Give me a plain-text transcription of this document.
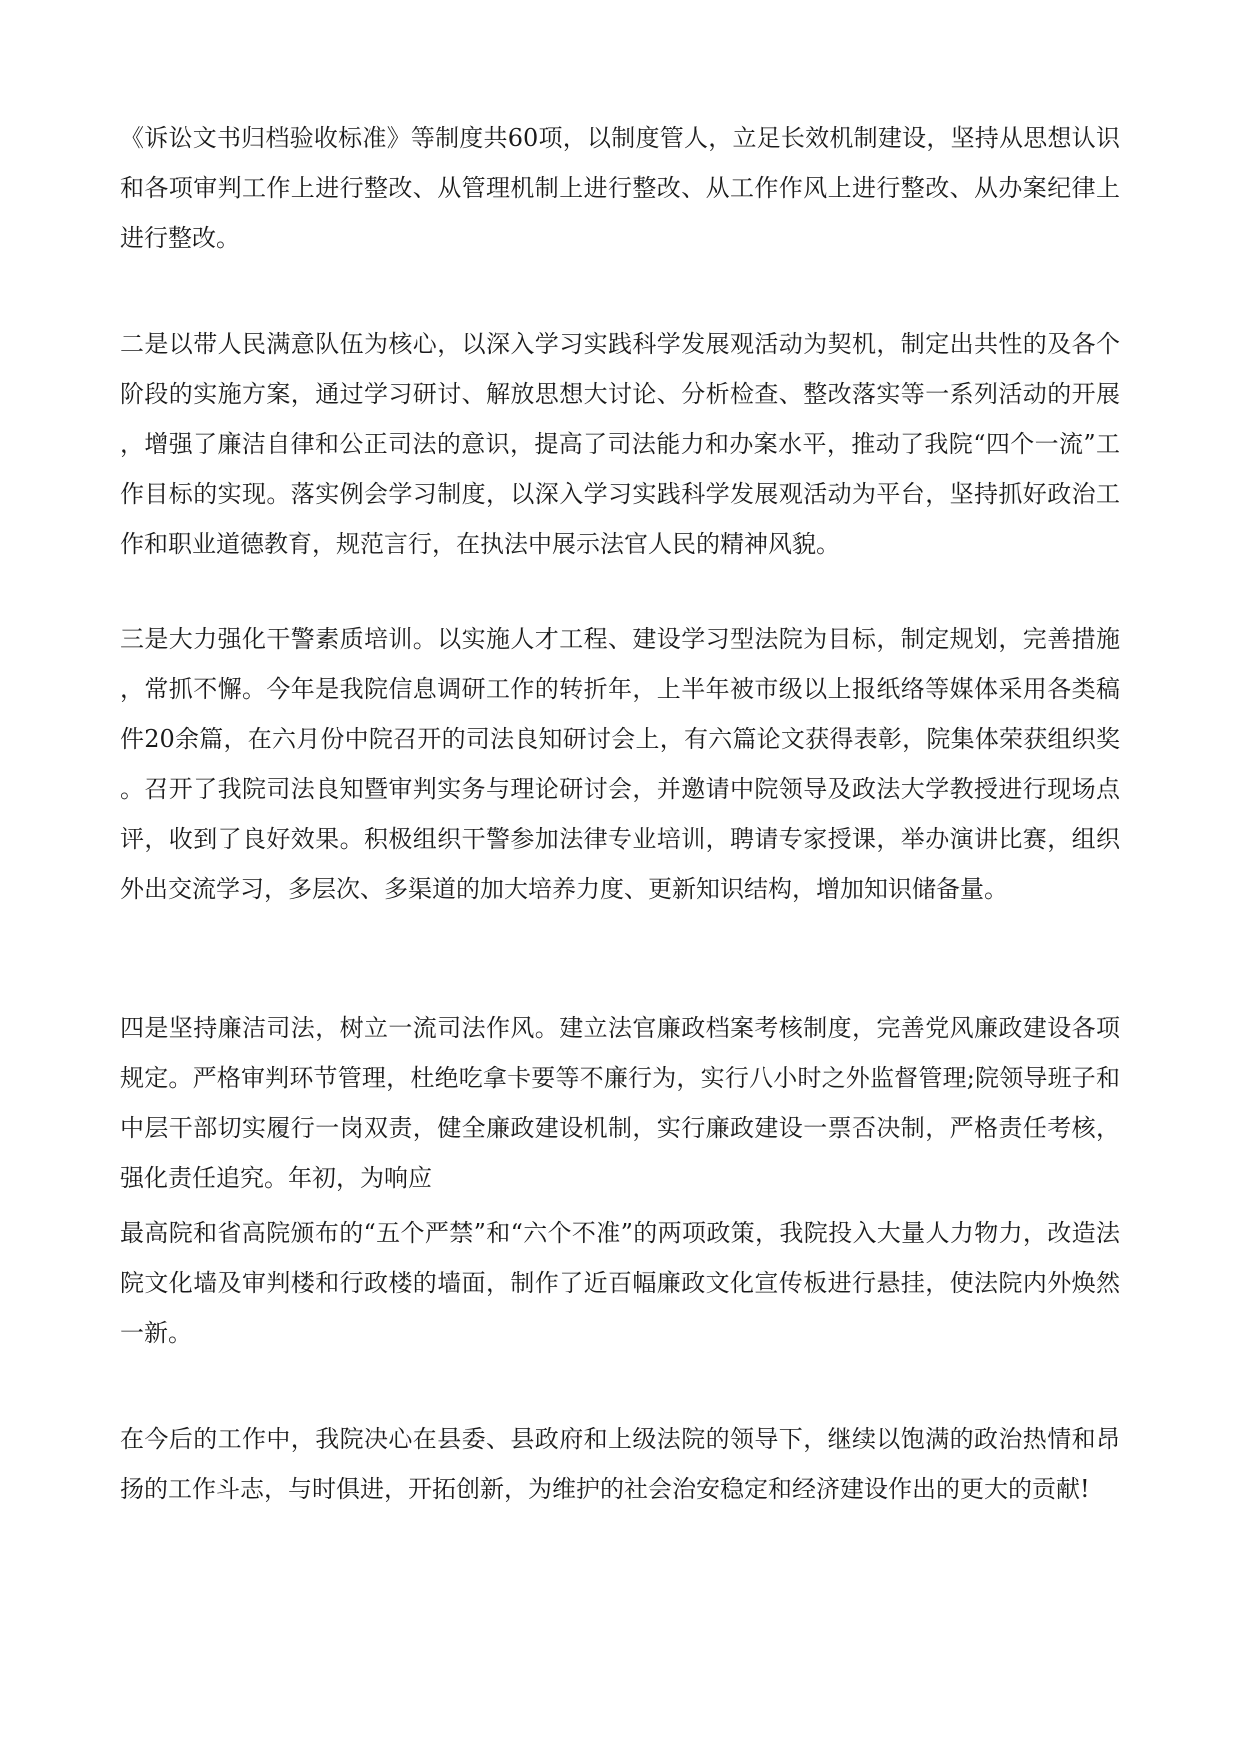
《诉讼文书归档验收标准》等制度共60项，以制度管人，立足长效机制建设，坚持从思想认识和各项审判工作上进行整改、从管理机制上进行整改、从工作作风上进行整改、从办案纪律上进行整改。

二是以带人民满意队伍为核心，以深入学习实践科学发展观活动为契机，制定出共性的及各个阶段的实施方案，通过学习研讨、解放思想大讨论、分析检查、整改落实等一系列活动的开展，增强了廉洁自律和公正司法的意识，提高了司法能力和办案水平，推动了我院“四个一流”工作目标的实现。落实例会学习制度，以深入学习实践科学发展观活动为平台，坚持抓好政治工作和职业道德教育，规范言行，在执法中展示法官人民的精神风貌。

三是大力强化干警素质培训。以实施人才工程、建设学习型法院为目标，制定规划，完善措施，常抓不懈。今年是我院信息调研工作的转折年，上半年被市级以上报纸络等媒体采用各类稿件20余篇，在六月份中院召开的司法良知研讨会上，有六篇论文获得表彰，院集体荣获组织奖。召开了我院司法良知暨审判实务与理论研讨会，并邀请中院领导及政法大学教授进行现场点评，收到了良好效果。积极组织干警参加法律专业培训，聘请专家授课，举办演讲比赛，组织外出交流学习，多层次、多渠道的加大培养力度、更新知识结构，增加知识储备量。

四是坚持廉洁司法，树立一流司法作风。建立法官廉政档案考核制度，完善党风廉政建设各项规定。严格审判环节管理，杜绝吃拿卡要等不廉行为，实行八小时之外监督管理;院领导班子和中层干部切实履行一岗双责，健全廉政建设机制，实行廉政建设一票否决制，严格责任考核，强化责任追究。年初，为响应

最高院和省高院颁布的“五个严禁”和“六个不准”的两项政策，我院投入大量人力物力，改造法院文化墙及审判楼和行政楼的墙面，制作了近百幅廉政文化宣传板进行悬挂，使法院内外焕然一新。

在今后的工作中，我院决心在县委、县政府和上级法院的领导下，继续以饱满的政治热情和昂扬的工作斗志，与时俱进，开拓创新，为维护的社会治安稳定和经济建设作出的更大的贡献!
